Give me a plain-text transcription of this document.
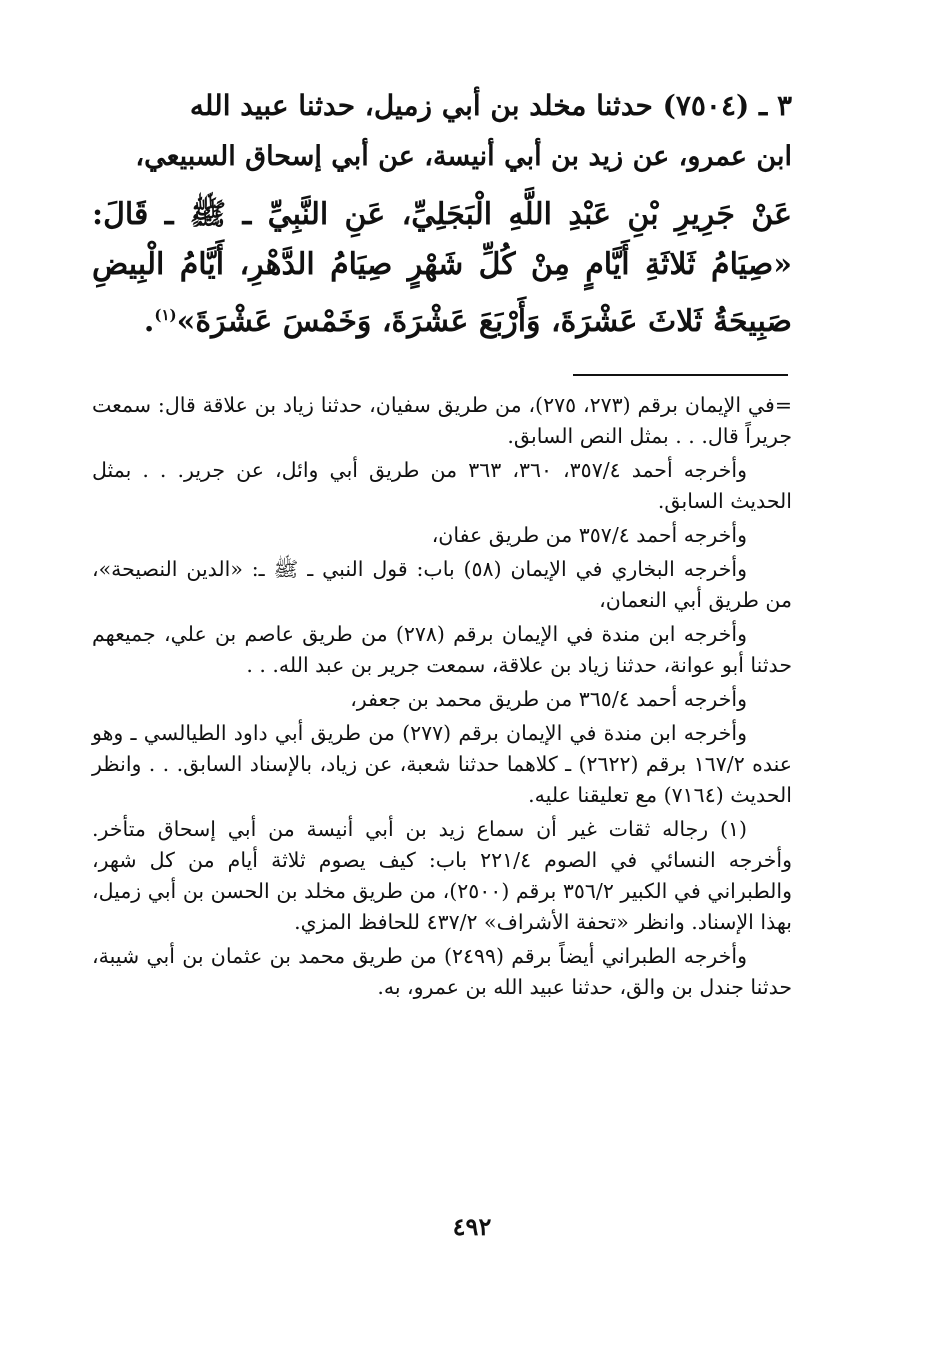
٣ ـ (٧٥٠٤) حدثنا مخلد بن أبي زميل، حدثنا عبيد الله

ابن عمرو، عن زيد بن أبي أنيسة، عن أبي إسحاق السبيعي،

عَنْ جَرِيرِ بْنِ عَبْدِ اللَّهِ الْبَجَلِيِّ، عَنِ النَّبِيِّ ـ ﷺ ـ قَالَ: «صِيَامُ ثَلاثَةِ أَيَّامٍ مِنْ كُلِّ شَهْرٍ صِيَامُ الدَّهْرِ، أَيَّامُ الْبِيضِ صَبِيحَةُ ثَلاثَ عَشْرَةَ، وَأَرْبَعَ عَشْرَةَ، وَخَمْسَ عَشْرَةَ»$^{(١)}$.

=في الإيمان برقم (٢٧٣، ٢٧٥)، من طريق سفيان، حدثنا زياد بن علاقة قال: سمعت جريراً قال. . . بمثل النص السابق.

وأخرجه أحمد ٣٥٧/٤، ٣٦٠، ٣٦٣ من طريق أبي وائل، عن جرير. . . بمثل الحديث السابق.

وأخرجه أحمد ٣٥٧/٤ من طريق عفان،

وأخرجه البخاري في الإيمان (٥٨) باب: قول النبي ـ ﷺ ـ: «الدين النصيحة»، من طريق أبي النعمان،

وأخرجه ابن مندة في الإيمان برقم (٢٧٨) من طريق عاصم بن علي، جميعهم حدثنا أبو عوانة، حدثنا زياد بن علاقة، سمعت جرير بن عبد الله. . .

وأخرجه أحمد ٣٦٥/٤ من طريق محمد بن جعفر،

وأخرجه ابن مندة في الإيمان برقم (٢٧٧) من طريق أبي داود الطيالسي ـ وهو عنده ١٦٧/٢ برقم (٢٦٢٢) ـ كلاهما حدثنا شعبة، عن زياد، بالإسناد السابق. . . وانظر الحديث (٧١٦٤) مع تعليقنا عليه.

(١) رجاله ثقات غير أن سماع زيد بن أبي أنيسة من أبي إسحاق متأخر. وأخرجه النسائي في الصوم ٢٢١/٤ باب: كيف يصوم ثلاثة أيام من كل شهر، والطبراني في الكبير ٣٥٦/٢ برقم (٢٥٠٠)، من طريق مخلد بن الحسن بن أبي زميل، بهذا الإسناد. وانظر «تحفة الأشراف» ٤٣٧/٢ للحافظ المزي.

وأخرجه الطبراني أيضاً برقم (٢٤٩٩) من طريق محمد بن عثمان بن أبي شيبة، حدثنا جندل بن والق، حدثنا عبيد الله بن عمرو، به.

٤٩٢
